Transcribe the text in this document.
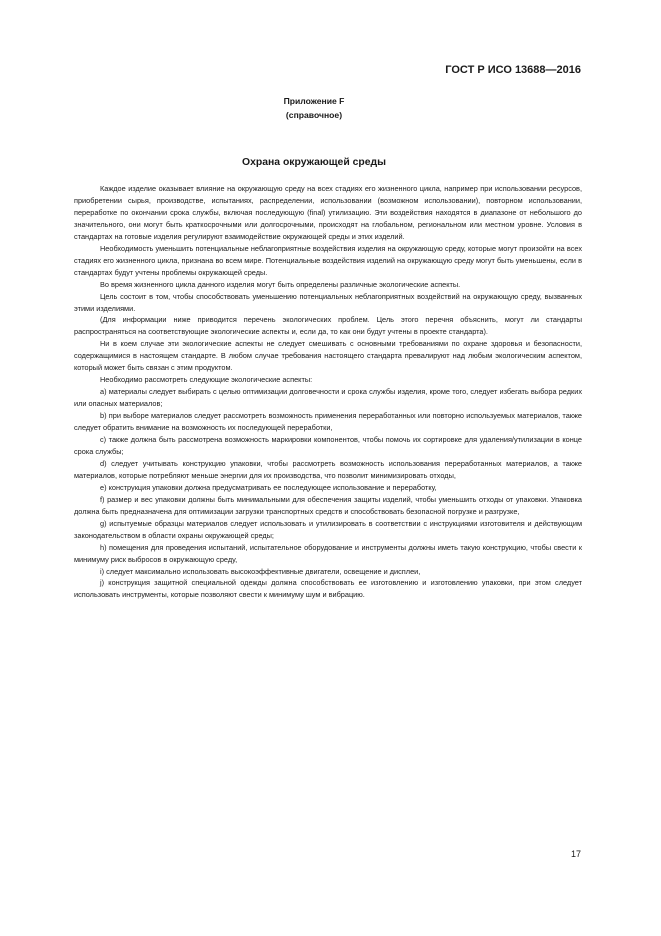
ГОСТ Р ИСО 13688—2016
Приложение F
(справочное)
Охрана окружающей среды

Каждое изделие оказывает влияние на окружающую среду на всех стадиях его жизненного цикла, например при использовании ресурсов, приобретении сырья, производстве, испытаниях, распределении, использовании (возможном использовании), повторном использовании, переработке по окончании срока службы, включая последующую (final) утилизацию. Эти воздействия находятся в диапазоне от небольшого до значительного, они могут быть краткосрочными или долгосрочными, происходят на глобальном, региональном или местном уровне. Условия в стандартах на готовые изделия регулируют взаимодействие окружающей среды и этих изделий.

Необходимость уменьшить потенциальные неблагоприятные воздействия изделия на окружающую среду, которые могут произойти на всех стадиях его жизненного цикла, признана во всем мире. Потенциальные воздействия изделий на окружающую среду могут быть уменьшены, если в стандартах будут учтены проблемы окружающей среды.

Во время жизненного цикла данного изделия могут быть определены различные экологические аспекты.

Цель состоит в том, чтобы способствовать уменьшению потенциальных неблагоприятных воздействий на окружающую среду, вызванных этими изделиями.

(Для информации ниже приводится перечень экологических проблем. Цель этого перечня объяснить, могут ли стандарты распространяться на соответствующие экологические аспекты и, если да, то как они будут учтены в проекте стандарта).

Ни в коем случае эти экологические аспекты не следует смешивать с основными требованиями по охране здоровья и безопасности, содержащимися в настоящем стандарте. В любом случае требования настоящего стандарта превалируют над любым экологическим аспектом, который может быть связан с этим продуктом.

Необходимо рассмотреть следующие экологические аспекты:

a) материалы следует выбирать с целью оптимизации долговечности и срока службы изделия, кроме того, следует избегать выбора редких или опасных материалов;

b) при выборе материалов следует рассмотреть возможность применения переработанных или повторно используемых материалов, также следует обратить внимание на возможность их последующей переработки,

c) также должна быть рассмотрена возможность маркировки компонентов, чтобы помочь их сортировке для удаления/утилизации в конце срока службы;

d) следует учитывать конструкцию упаковки, чтобы рассмотреть возможность использования переработанных материалов, а также материалов, которые потребляют меньше энергии для их производства, что позволит минимизировать отходы,

e) конструкция упаковки должна предусматривать ее последующее использование и переработку,

f) размер и вес упаковки должны быть минимальными для обеспечения защиты изделий, чтобы уменьшить отходы от упаковки. Упаковка должна быть предназначена для оптимизации загрузки транспортных средств и способствовать безопасной погрузке и разгрузке,

g) испытуемые образцы материалов следует использовать и утилизировать в соответствии с инструкциями изготовителя и действующим законодательством в области охраны окружающей среды;

h) помещения для проведения испытаний, испытательное оборудование и инструменты должны иметь такую конструкцию, чтобы свести к минимуму риск выбросов в окружающую среду,

i) следует максимально использовать высокоэффективные двигатели, освещение и дисплеи,

j) конструкция защитной специальной одежды должна способствовать ее изготовлению и изготовлению упаковки, при этом следует использовать инструменты, которые позволяют свести к минимуму шум и вибрацию.

17
